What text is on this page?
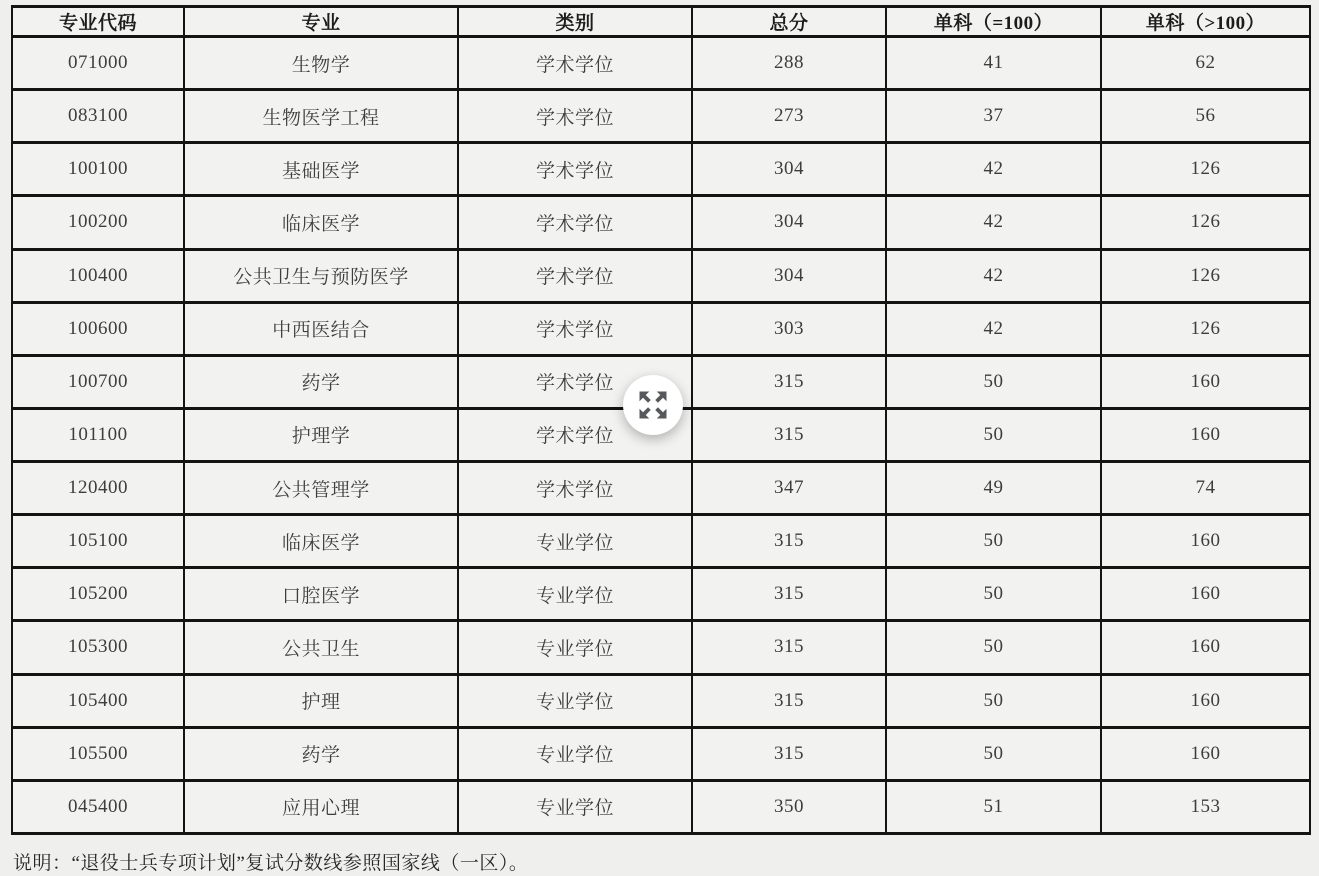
专业代码	专业	类别	总分	单科（=100）	单科（>100）
071000	生物学	学术学位	288	41	62
083100	生物医学工程	学术学位	273	37	56
100100	基础医学	学术学位	304	42	126
100200	临床医学	学术学位	304	42	126
100400	公共卫生与预防医学	学术学位	304	42	126
100600	中西医结合	学术学位	303	42	126
100700	药学	学术学位	315	50	160
101100	护理学	学术学位	315	50	160
120400	公共管理学	学术学位	347	49	74
105100	临床医学	专业学位	315	50	160
105200	口腔医学	专业学位	315	50	160
105300	公共卫生	专业学位	315	50	160
105400	护理	专业学位	315	50	160
105500	药学	专业学位	315	50	160
045400	应用心理	专业学位	350	51	153
说明：“退役士兵专项计划”复试分数线参照国家线（一区）。
